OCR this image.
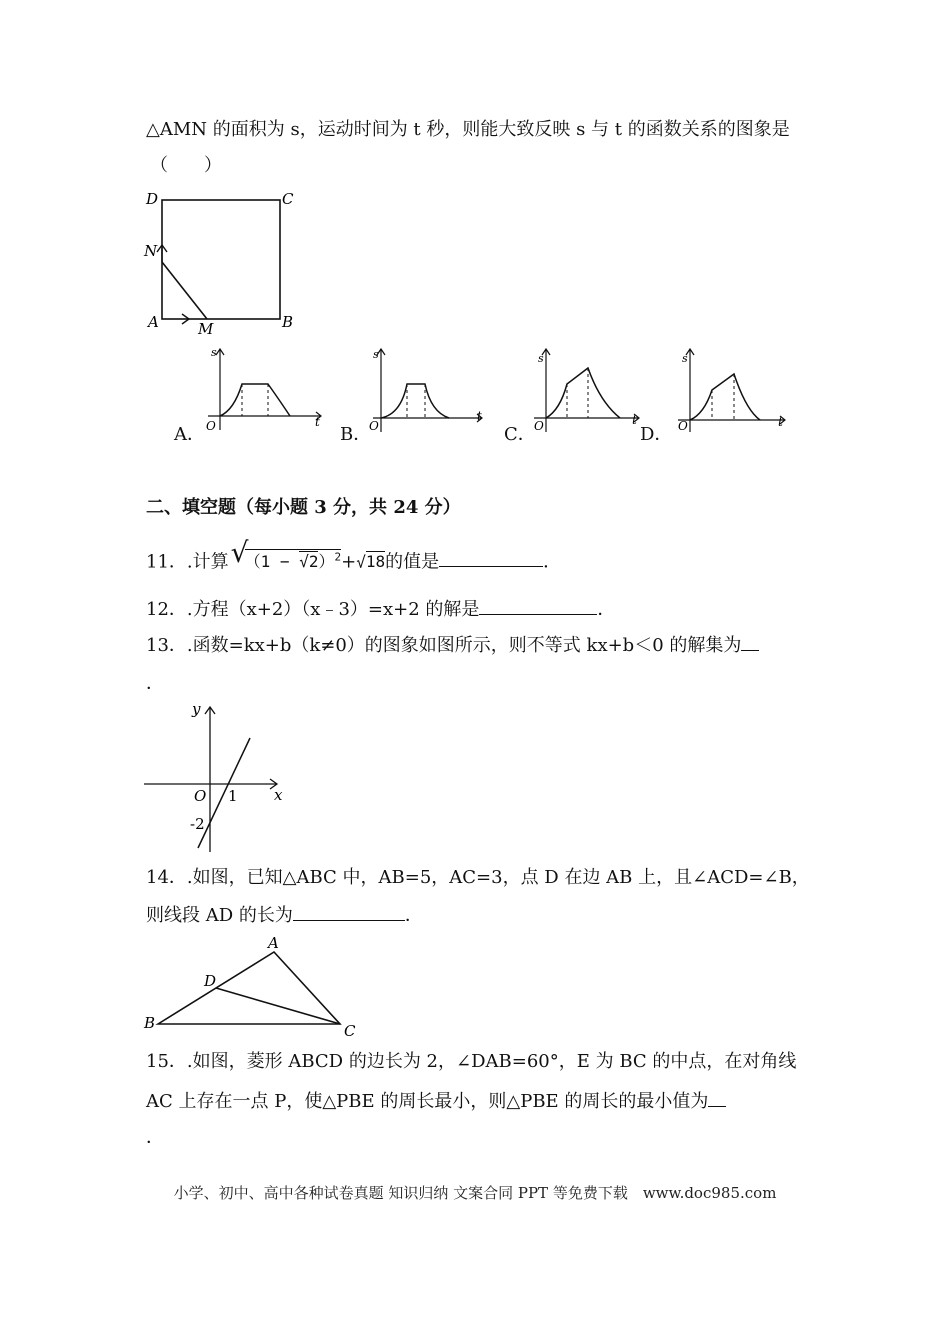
△AMN 的面积为 s，运动时间为 t 秒，则能大致反映 s 与 t 的函数关系的图象是
（　　）
D	C
N
A	M	B
A．
s
t
O	B．
s
t
O	C．
s
t
O	D．
s
t
O
二、填空题（每小题 3 分，共 24 分）
11．.计算 √
$(1 - √2)^2+√18$的值是	．
12．.方程（x+2）（x﹣3）=x+2 的解是	．
13．.函数=kx+b（k≠0）的图象如图所示，则不等式 kx+b＜0 的解集为
．
y
x
O 1
-2
14．.如图，已知△ABC 中，AB=5，AC=3，点 D 在边 AB 上，且∠ACD=∠B，
则线段 AD 的长为	．
A
B	C
D
15．.如图，菱形 ABCD 的边长为 2，∠DAB=60°，E 为 BC 的中点，在对角线
AC 上存在一点 P，使△PBE 的周长最小，则△PBE 的周长的最小值为
．
小学、初中、高中各种试卷真题 知识归纳 文案合同 PPT 等免费下载　www.doc985.com
